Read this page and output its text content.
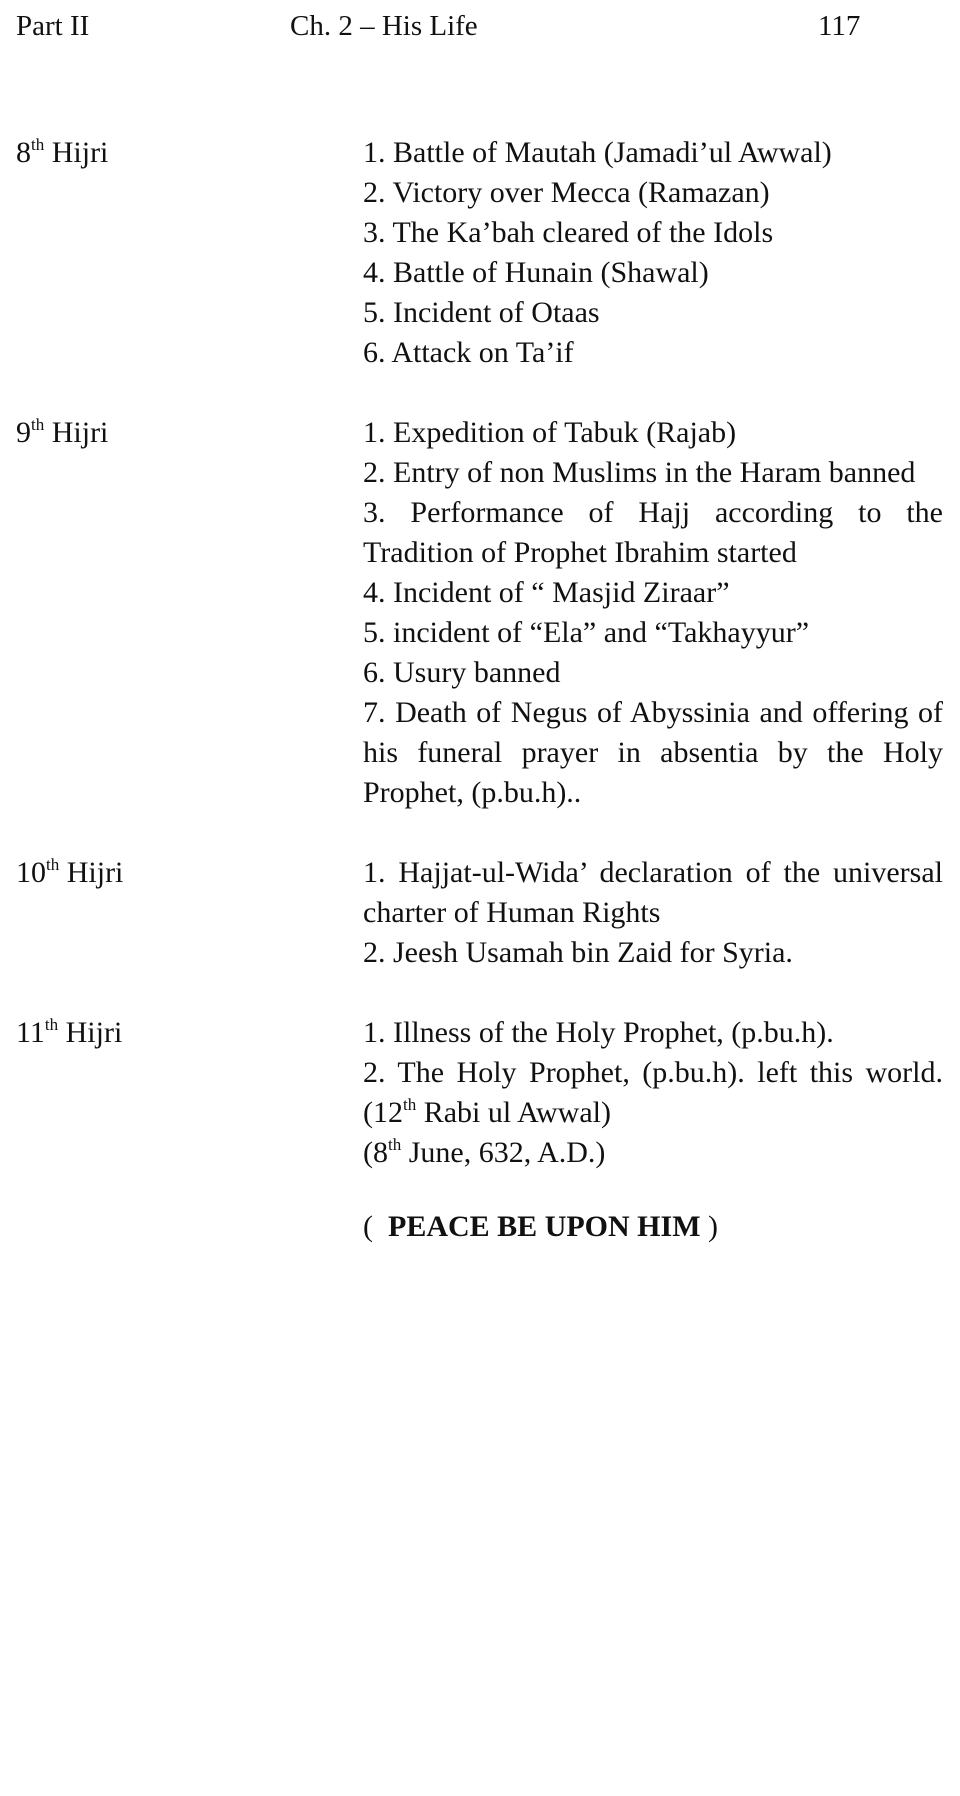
Part II	Ch. 2 – His Life	117
8th Hijri	1. Battle of Mautah (Jamadi’ul Awwal)
2. Victory over Mecca (Ramazan)
3. The Ka’bah cleared of the Idols
4. Battle of Hunain (Shawal)
5. Incident of Otaas
6. Attack on Ta’if
9th Hijri	1. Expedition of Tabuk (Rajab)
2. Entry of non Muslims in the Haram banned
3. Performance of Hajj according to the Tradition of Prophet Ibrahim started
4. Incident of “ Masjid Ziraar”
5. incident of “Ela” and “Takhayyur”
6. Usury banned
7. Death of Negus of Abyssinia and offering of his funeral prayer in absentia by the Holy Prophet, (p.bu.h)..
10th Hijri	1. Hajjat-ul-Wida’ declaration of the universal charter of Human Rights
2. Jeesh Usamah bin Zaid for Syria.
11th Hijri	1. Illness of the Holy Prophet, (p.bu.h).
2. The Holy Prophet, (p.bu.h). left this world. (12th Rabi ul Awwal)
(8th June, 632, A.D.)
( PEACE BE UPON HIM )
